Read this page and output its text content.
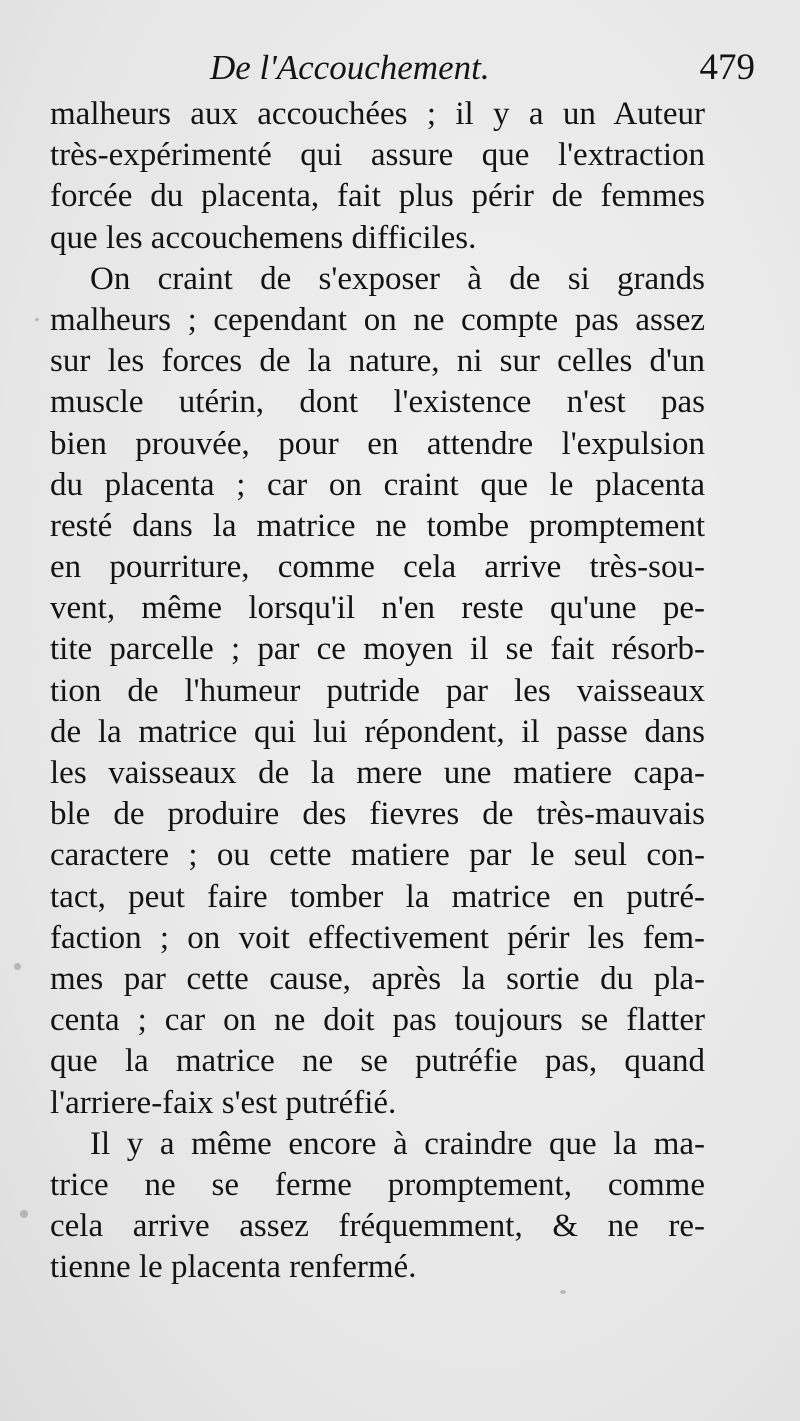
De l'Accouchement.	479
malheurs aux accouchées ; il y a un Auteur
très-expérimenté qui assure que l'extraction
forcée du placenta, fait plus périr de femmes
que les accouchemens difficiles.
On craint de s'exposer à de si grands
malheurs ; cependant on ne compte pas assez
sur les forces de la nature, ni sur celles d'un
muscle utérin, dont l'existence n'est pas
bien prouvée, pour en attendre l'expulsion
du placenta ; car on craint que le placenta
resté dans la matrice ne tombe promptement
en pourriture, comme cela arrive très-sou-
vent, même lorsqu'il n'en reste qu'une pe-
tite parcelle ; par ce moyen il se fait résorb-
tion de l'humeur putride par les vaisseaux
de la matrice qui lui répondent, il passe dans
les vaisseaux de la mere une matiere capa-
ble de produire des fievres de très-mauvais
caractere ; ou cette matiere par le seul con-
tact, peut faire tomber la matrice en putré-
faction ; on voit effectivement périr les fem-
mes par cette cause, après la sortie du pla-
centa ; car on ne doit pas toujours se flatter
que la matrice ne se putréfie pas, quand
l'arriere-faix s'est putréfié.
Il y a même encore à craindre que la ma-
trice ne se ferme promptement, comme
cela arrive assez fréquemment, & ne re-
tienne le placenta renfermé.
